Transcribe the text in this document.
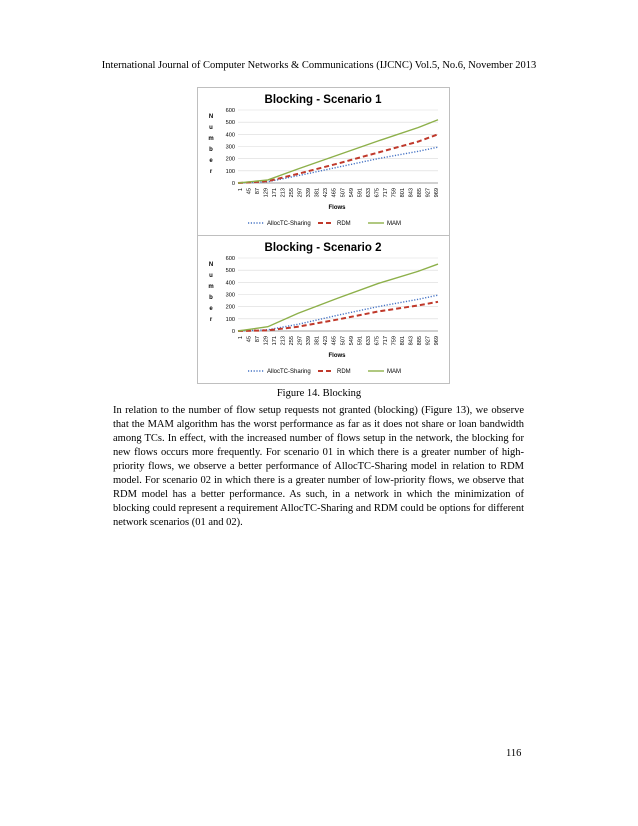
International Journal of Computer Networks & Communications (IJCNC) Vol.5, No.6, November 2013
Blocking - Scenario 1
0
100
200
300
400
500
600
N
u
m
b
e
r
1 45 87 129 171 213 255 297 339 381 423 465 507 549 591 633 675 717 759 801 843 885 927 969
Flows
AllocTC-Sharing	RDM	MAM
Blocking - Scenario 2
0
100
200
300
400
500
600
N
u
m
b
e
r
1 45 87 129 171 213 255 297 339 381 423 465 507 549 591 633 675 717 759 801 843 885 927 969
Flows
AllocTC-Sharing	RDM	MAM
Figure 14. Blocking

In relation to the number of flow setup requests not granted (blocking) (Figure 13), we observe that the MAM algorithm has the worst performance as far as it does not share or loan bandwidth among TCs. In effect, with the increased number of flows setup in the network, the blocking for new flows occurs more frequently. For scenario 01 in which there is a greater number of high-priority flows, we observe a better performance of AllocTC-Sharing model in relation to RDM model. For scenario 02 in which there is a greater number of low-priority flows, we observe that RDM model has a better performance. As such, in a network in which the minimization of blocking could represent a requirement AllocTC-Sharing and RDM could be options for different network scenarios (01 and 02).

116
